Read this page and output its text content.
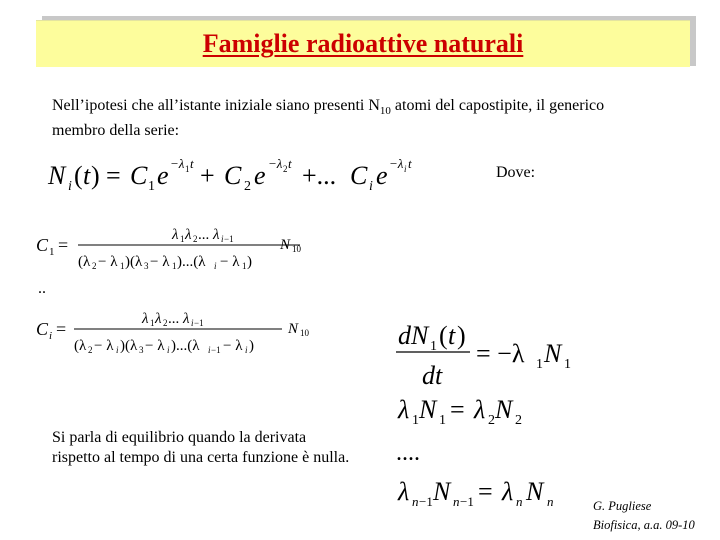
Famiglie radioattive naturali
Nell’ipotesi che all’istante iniziale siano presenti $N_{10}$ atomi del capostipite, il generico
membro della serie:
N i ( t ) = C 1 e −λ 1 t + C 2 e −λ 2 t +... C i e −λ i t
Dove:
C 1 =	λ 1 λ 2 ... λ i −1
(λ 2 − λ 1 )(λ 3 − λ 1 )...(λ i − λ 1 )
N 10
..
C i =	λ 1 λ 2 ... λ i −1
(λ 2 − λ i )(λ 3 − λ i )...(λ i −1 − λ i )
N 10	dN 1 ( t )
dt
= −λ 1 N 1
λ 1 N 1 = λ 2 N 2
....
λ n −1 N n −1 = λ n N n
Si parla di equilibrio quando la derivata rispetto al tempo di una certa funzione è nulla.
G. Pugliese
Biofisica, a.a. 09-10
